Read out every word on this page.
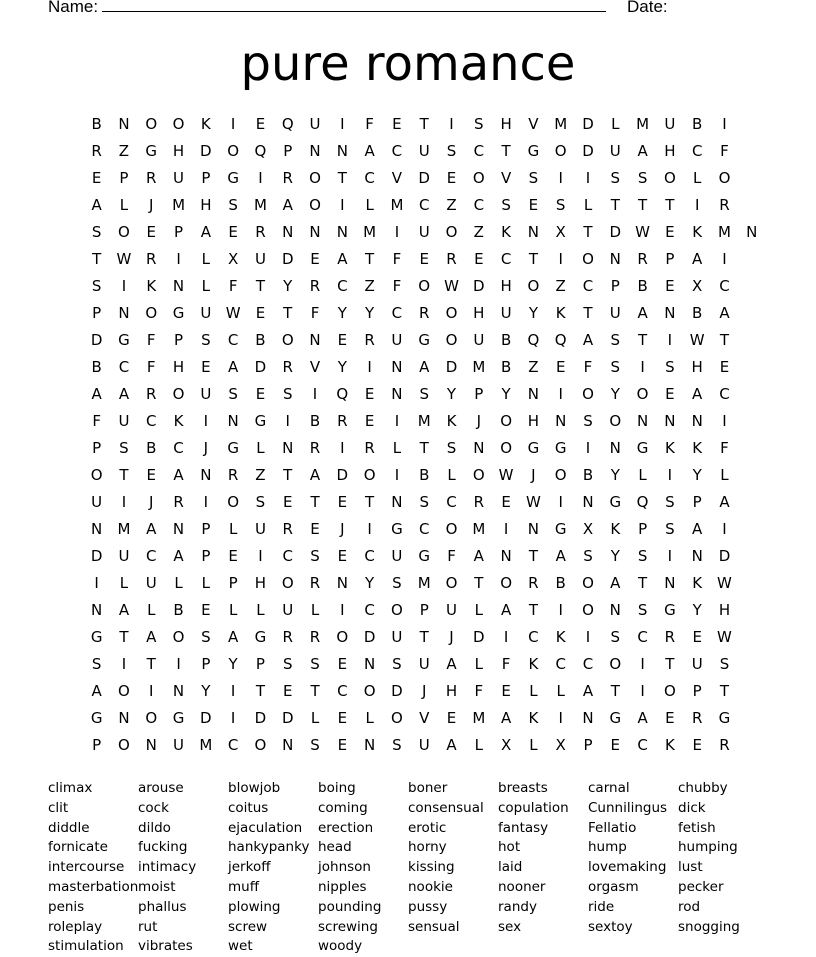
Name:	Date:
pure romance
B	N	O	O	K	I	E	Q	U	I	F	E	T	I	S	H	V	M	D	L	M	U	B	I
R	Z	G	H	D	O	Q	P	N	N	A	C	U	S	C	T	G	O	D	U	A	H	C	F
E	P	R	U	P	G	I	R	O	T	C	V	D	E	O	V	S	I	I	S	S	O	L	O
A	L	J	M	H	S	M	A	O	I	L	M	C	Z	C	S	E	S	L	T	T	T	I	R
S	O	E	P	A	E	R	N	N	N	M	I	U	O	Z	K	N	X	T	D W	E	K	M	N
T	W R	I	L	X	U	D	E	A	T	F	E	R	E	C	T	I	O	N	R	P	A	I
S	I	K	N	L	F	T	Y	R	C	Z	F	O W D	H	O	Z	C	P	B	E	X	C
P	N	O	G	U W	E	T	F	Y	Y	C	R	O	H	U	Y	K	T	U	A	N	B	A
D	G	F	P	S	C	B	O	N	E	R	U	G	O	U	B	Q	Q	A	S	T	I	W	T
B	C	F	H	E	A	D	R	V	Y	I	N	A	D	M	B	Z	E	F	S	I	S	H	E
A	A	R	O	U	S	E	S	I	Q	E	N	S	Y	P	Y	N	I	O	Y	O	E	A	C
F	U	C	K	I	N	G	I	B	R	E	I	M	K	J	O	H	N	S	O	N	N	N	I
P	S	B	C	J	G	L	N	R	I	R	L	T	S	N	O	G	G	I	N	G	K	K	F
O	T	E	A	N	R	Z	T	A	D	O	I	B	L	O W	J	O	B	Y	L	I	Y	L
U	I	J	R	I	O	S	E	T	E	T	N	S	C	R	E	W	I	N	G	Q	S	P	A
N	M	A	N	P	L	U	R	E	J	I	G	C	O M	I	N	G	X	K	P	S	A	I
D	U	C	A	P	E	I	C	S	E	C	U	G	F	A	N	T	A	S	Y	S	I	N	D
I	L	U	L	L	P	H	O	R	N	Y	S	M O	T	O	R	B	O	A	T	N	K W
N	A	L	B	E	L	L	U	L	I	C	O	P	U	L	A	T	I	O	N	S	G	Y	H
G	T	A	O	S	A	G	R	R	O	D	U	T	J	D	I	C	K	I	S	C	R	E	W
S	I	T	I	P	Y	P	S	S	E	N	S	U	A	L	F	K	C	C	O	I	T	U	S
A	O	I	N	Y	I	T	E	T	C	O	D	J	H	F	E	L	L	A	T	I	O	P	T
G	N	O	G	D	I	D	D	L	E	L	O	V	E	M	A	K	I	N	G	A	E	R	G
P	O	N	U	M	C	O	N	S	E	N	S	U	A	L	X	L	X	P	E	C	K	E	R
climax	arouse	blowjob	boing	boner	breasts	carnal	chubby
clit	cock	coitus	coming	consensual	copulation	Cunnilingus dick
diddle	dildo	ejaculation	erection	erotic	fantasy	Fellatio	fetish
fornicate	fucking	hankypanky head	horny	hot	hump	humping
intercourse	intimacy	jerkoff	johnson	kissing	laid	lovemaking lust
masterbation moist	muff	nipples	nookie	nooner	orgasm	pecker
penis	phallus	plowing	pounding	pussy	randy	ride	rod
roleplay	rut	screw	screwing	sensual	sex	sextoy	snogging
stimulation	vibrates	wet	woody
